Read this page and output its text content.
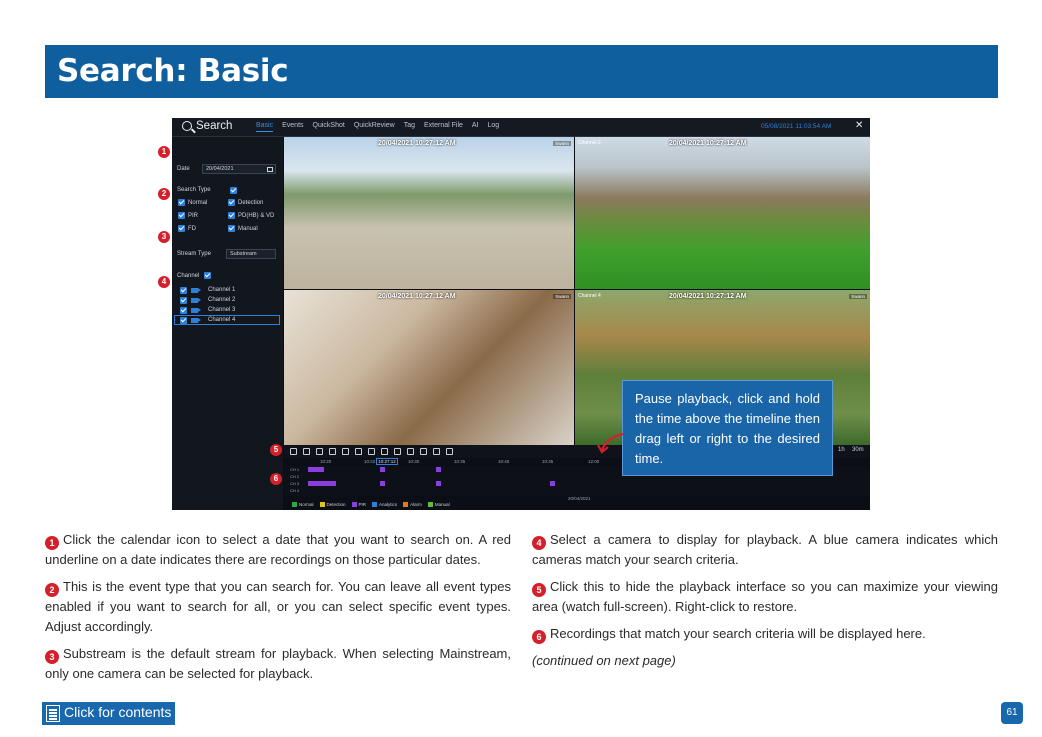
Search: Basic
Search	Basic Events QuickShot QuickReview Tag External File AI Log	05/08/2021 11:03:54 AM ✕
Date	20/04/2021
Search Type
Normal	Detection
PIR	PD(HB) & VD
FD	Manual
Stream Type	Substream
Channel
Channel 1
Channel 2
Channel 3
Channel 4
20/04/2021 10:27:12 AM	Swann	Channel 2	20/04/2021 10:27:12 AM
20/04/2021 10:27:12 AM	Swann	Channel 4	20/04/2021 10:27:12 AM	Swann
1h 30m
10:20	10:22 10:27:12	10:30	10:35	10:40	10:45	12:00
CH 1
CH 2
CH 3
CH 4
20/04/2021
Normal	Detection	PIR	Analytics	Alarm	Manual
1
2
3
4
5
6
Pause playback, click and hold the time above the timeline then drag left or right to the desired time.

1 Click the calendar icon to select a date that you want to search on. A red underline on a date indicates there are recordings on those particular dates.

2 This is the event type that you can search for. You can leave all event types enabled if you want to search for all, or you can select specific event types. Adjust accordingly.

3 Substream is the default stream for playback. When selecting Mainstream, only one camera can be selected for playback.

4 Select a camera to display for playback. A blue camera indicates which cameras match your search criteria.

5 Click this to hide the playback interface so you can maximize your viewing area (watch full-screen). Right-click to restore.

6 Recordings that match your search criteria will be displayed here.

(continued on next page)

Click for contents	61
